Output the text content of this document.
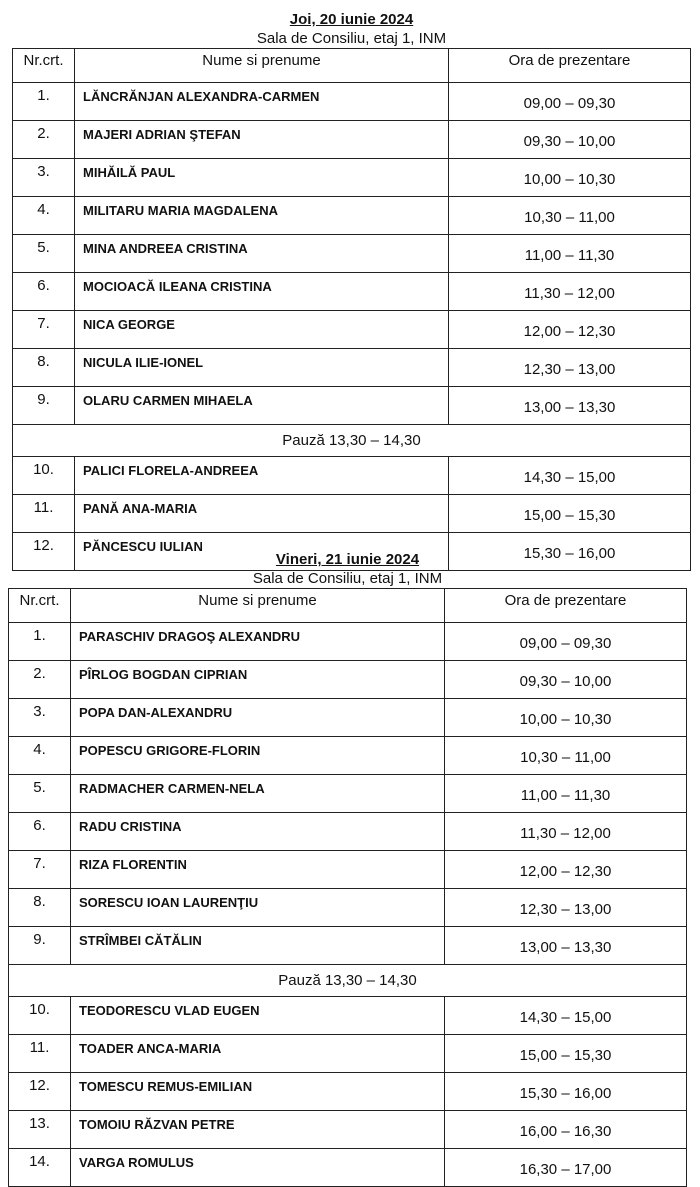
Joi, 20 iunie 2024
Sala de Consiliu, etaj 1, INM
Nr.crt.	Nume si prenume	Ora de prezentare
1.	LĂNCRĂNJAN ALEXANDRA-CARMEN	09,00 – 09,30
2.	MAJERI ADRIAN ŞTEFAN	09,30 – 10,00
3.	MIHĂILĂ PAUL	10,00 – 10,30
4.	MILITARU MARIA MAGDALENA	10,30 – 11,00
5.	MINA ANDREEA CRISTINA	11,00 – 11,30
6.	MOCIOACĂ ILEANA CRISTINA	11,30 – 12,00
7.	NICA GEORGE	12,00 – 12,30
8.	NICULA ILIE-IONEL	12,30 – 13,00
9.	OLARU CARMEN MIHAELA	13,00 – 13,30
Pauză 13,30 – 14,30		
10.	PALICI FLORELA-ANDREEA	14,30 – 15,00
11.	PANĂ ANA-MARIA	15,00 – 15,30
12.	PĂNCESCU IULIAN	15,30 – 16,00
Vineri, 21 iunie 2024
Sala de Consiliu, etaj 1, INM
Nr.crt.	Nume si prenume	Ora de prezentare
1.	PARASCHIV DRAGOŞ ALEXANDRU	09,00 – 09,30
2.	PÎRLOG BOGDAN CIPRIAN	09,30 – 10,00
3.	POPA DAN-ALEXANDRU	10,00 – 10,30
4.	POPESCU GRIGORE-FLORIN	10,30 – 11,00
5.	RADMACHER CARMEN-NELA	11,00 – 11,30
6.	RADU CRISTINA	11,30 – 12,00
7.	RIZA FLORENTIN	12,00 – 12,30
8.	SORESCU IOAN LAURENŢIU	12,30 – 13,00
9.	STRÎMBEI CĂTĂLIN	13,00 – 13,30
Pauză 13,30 – 14,30		
10.	TEODORESCU VLAD EUGEN	14,30 – 15,00
11.	TOADER ANCA-MARIA	15,00 – 15,30
12.	TOMESCU REMUS-EMILIAN	15,30 – 16,00
13.	TOMOIU RĂZVAN PETRE	16,00 – 16,30
14.	VARGA ROMULUS	16,30 – 17,00
